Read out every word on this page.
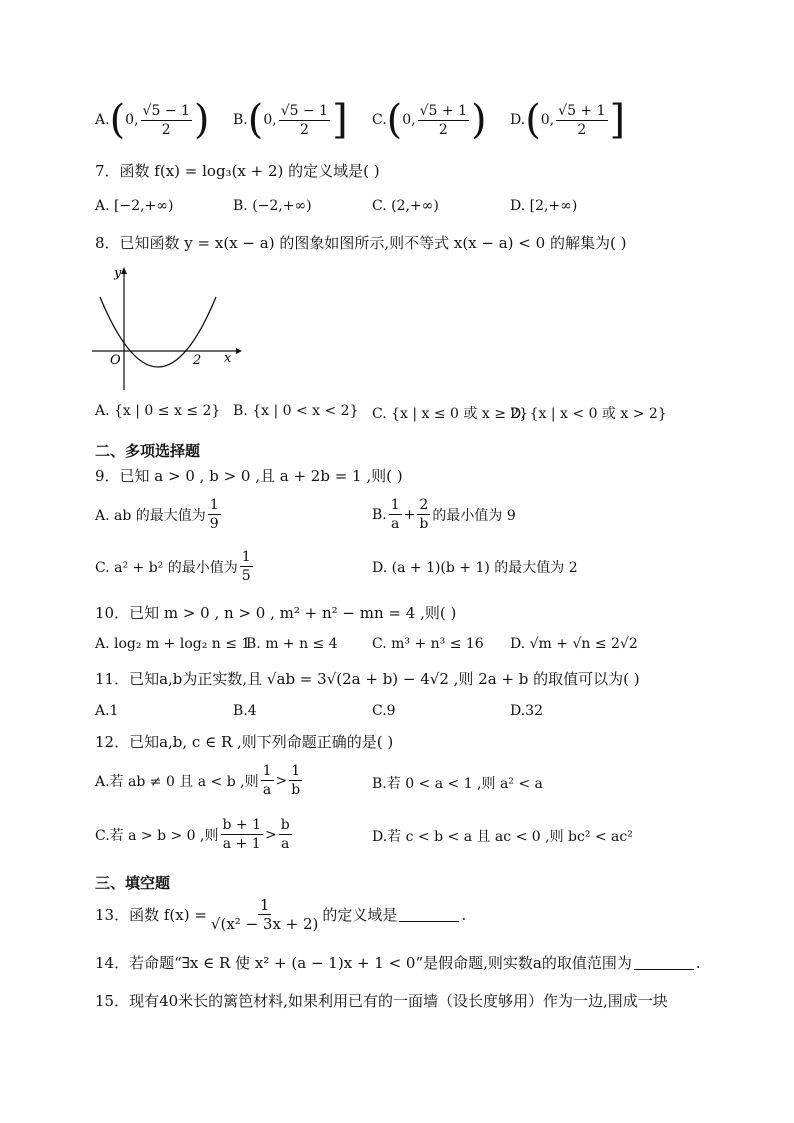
A. ( 0, $\frac{√5 - 1}{2}$ ) B. ( 0, $\frac{√5 - 1}{2}$ ] C. ( 0, $\frac{√5 + 1}{2}$ ) D. ( 0, $\frac{√5 + 1}{2}$ ]
7．函数 f(x) = log₃(x + 2) 的定义域是( )
A. [−2,+∞)	B. (−2,+∞)	C. (2,+∞)	D. [2,+∞)
8．已知函数 y = x(x − a) 的图象如图所示,则不等式 x(x − a) < 0 的解集为( )
y
x
O	2
A. {x | 0 ≤ x ≤ 2} B. {x | 0 < x < 2} C. {x | x ≤ 0 或 x ≥ 2}
D. {x | x < 0 或 x > 2}
二、多项选择题
9．已知 a > 0 , b > 0 ,且 a + 2b = 1 ,则( )
A. ab 的最大值为 $\frac{1}{9}$	B. $\frac{1}{a} + \frac{2}{b}$ 的最小值为 9
C. a² + b² 的最小值为 $\frac{1}{5}$	D. (a + 1)(b + 1) 的最大值为 2
10．已知 m > 0 , n > 0 , m² + n² − mn = 4 ,则( )
A. log₂ m + log₂ n ≤ 1
B. m + n ≤ 4 C. m³ + n³ ≤ 16 D. √m + √n ≤ 2√2
11．已知a,b为正实数,且 √ab = 3√(2a + b) − 4√2 ,则 2a + b 的取值可以为( )
A.1	B.4	C.9	D.32
12．已知a,b, c ∈ R ,则下列命题正确的是( )
A.若 ab ≠ 0 且 a < b ,则 $\frac{1}{a} > \frac{1}{b}$	B.若 0 < a < 1 ,则 a² < a
C.若 a > b > 0 ,则 $\frac{b + 1}{a + 1} > \frac{b}{a}$	D.若 c < b < a 且 ac < 0 ,则 bc² < ac²
三、填空题
13．函数 $f(x) = \frac{1}{\text{√(x² − 3x + 2)}}$ 的定义域是	.
14．若命题“∃x ∈ R 使 x² + (a − 1)x + 1 < 0”是假命题,则实数a的取值范围为	.
15．现有40米长的篱笆材料,如果利用已有的一面墙（设长度够用）作为一边,围成一块
